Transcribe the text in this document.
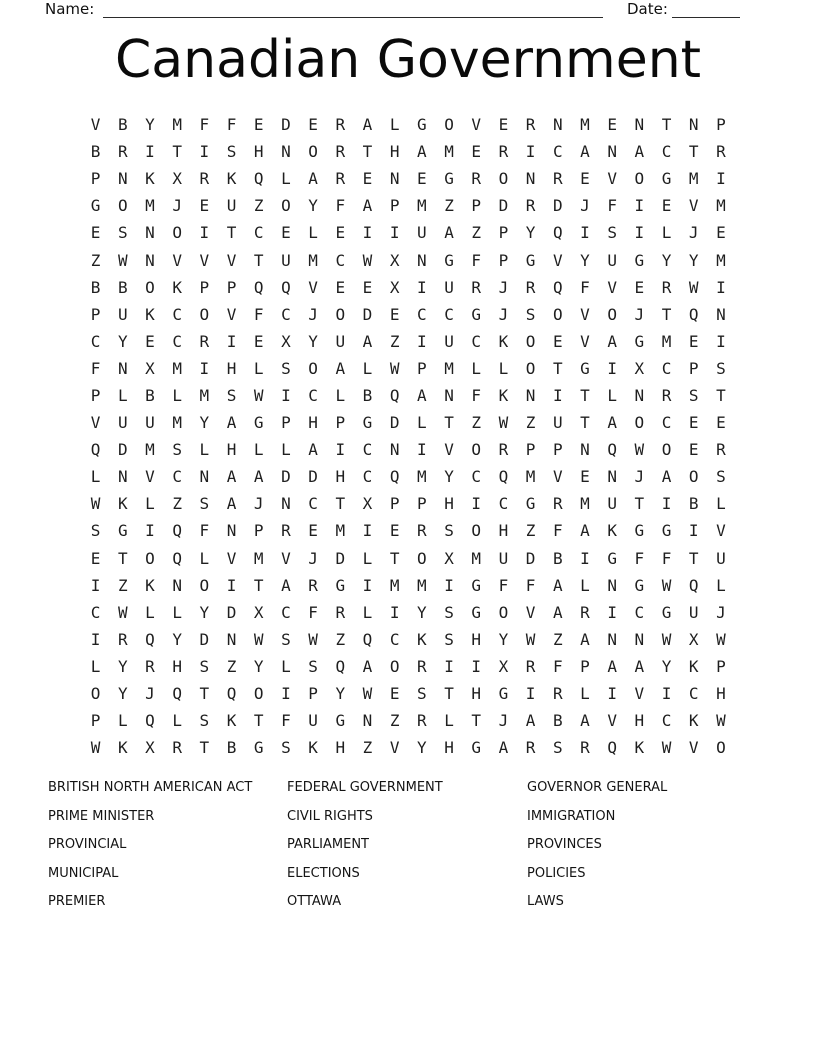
Name:	Date:
Canadian Government
V	B	Y	M	F	F	E	D	E	R	A	L	G	O	V	E	R	N	M	E	N	T	N	P
B	R	I	T	I	S	H	N	O	R	T	H	A	M	E	R	I	C	A	N	A	C	T	R
P	N	K	X	R	K	Q	L	A	R	E	N	E	G	R	O	N	R	E	V	O	G	M	I
G	O	M	J	E	U	Z	O	Y	F	A	P	M	Z	P	D	R	D	J	F	I	E	V	M
E	S	N	O	I	T	C	E	L	E	I	I	U	A	Z	P	Y	Q	I	S	I	L	J	E
Z	W	N	V	V	V	T	U	M	C	W	X	N	G	F	P	G	V	Y	U	G	Y	Y	M
B	B	O	K	P	P	Q	Q	V	E	E	X	I	U	R	J	R	Q	F	V	E	R	W	I
P	U	K	C	O	V	F	C	J	O	D	E	C	C	G	J	S	O	V	O	J	T	Q	N
C	Y	E	C	R	I	E	X	Y	U	A	Z	I	U	C	K	O	E	V	A	G	M	E	I
F	N	X	M	I	H	L	S	O	A	L	W	P	M	L	L	O	T	G	I	X	C	P	S
P	L	B	L	M	S	W	I	C	L	B	Q	A	N	F	K	N	I	T	L	N	R	S	T
V	U	U	M	Y	A	G	P	H	P	G	D	L	T	Z	W	Z	U	T	A	O	C	E	E
Q	D	M	S	L	H	L	L	A	I	C	N	I	V	O	R	P	P	N	Q	W	O	E	R
L	N	V	C	N	A	A	D	D	H	C	Q	M	Y	C	Q	M	V	E	N	J	A	O	S
W	K	L	Z	S	A	J	N	C	T	X	P	P	H	I	C	G	R	M	U	T	I	B	L
S	G	I	Q	F	N	P	R	E	M	I	E	R	S	O	H	Z	F	A	K	G	G	I	V
E	T	O	Q	L	V	M	V	J	D	L	T	O	X	M	U	D	B	I	G	F	F	T	U
I	Z	K	N	O	I	T	A	R	G	I	M	M	I	G	F	F	A	L	N	G	W	Q	L
C	W	L	L	Y	D	X	C	F	R	L	I	Y	S	G	O	V	A	R	I	C	G	U	J
I	R	Q	Y	D	N	W	S	W	Z	Q	C	K	S	H	Y	W	Z	A	N	N	W	X	W
L	Y	R	H	S	Z	Y	L	S	Q	A	O	R	I	I	X	R	F	P	A	A	Y	K	P
O	Y	J	Q	T	Q	O	I	P	Y	W	E	S	T	H	G	I	R	L	I	V	I	C	H
P	L	Q	L	S	K	T	F	U	G	N	Z	R	L	T	J	A	B	A	V	H	C	K	W
W	K	X	R	T	B	G	S	K	H	Z	V	Y	H	G	A	R	S	R	Q	K	W	V	O
BRITISH NORTH AMERICAN ACT
PRIME MINISTER
PROVINCIAL
MUNICIPAL
PREMIER
FEDERAL GOVERNMENT
CIVIL RIGHTS
PARLIAMENT
ELECTIONS
OTTAWA
GOVERNOR GENERAL
IMMIGRATION
PROVINCES
POLICIES
LAWS
